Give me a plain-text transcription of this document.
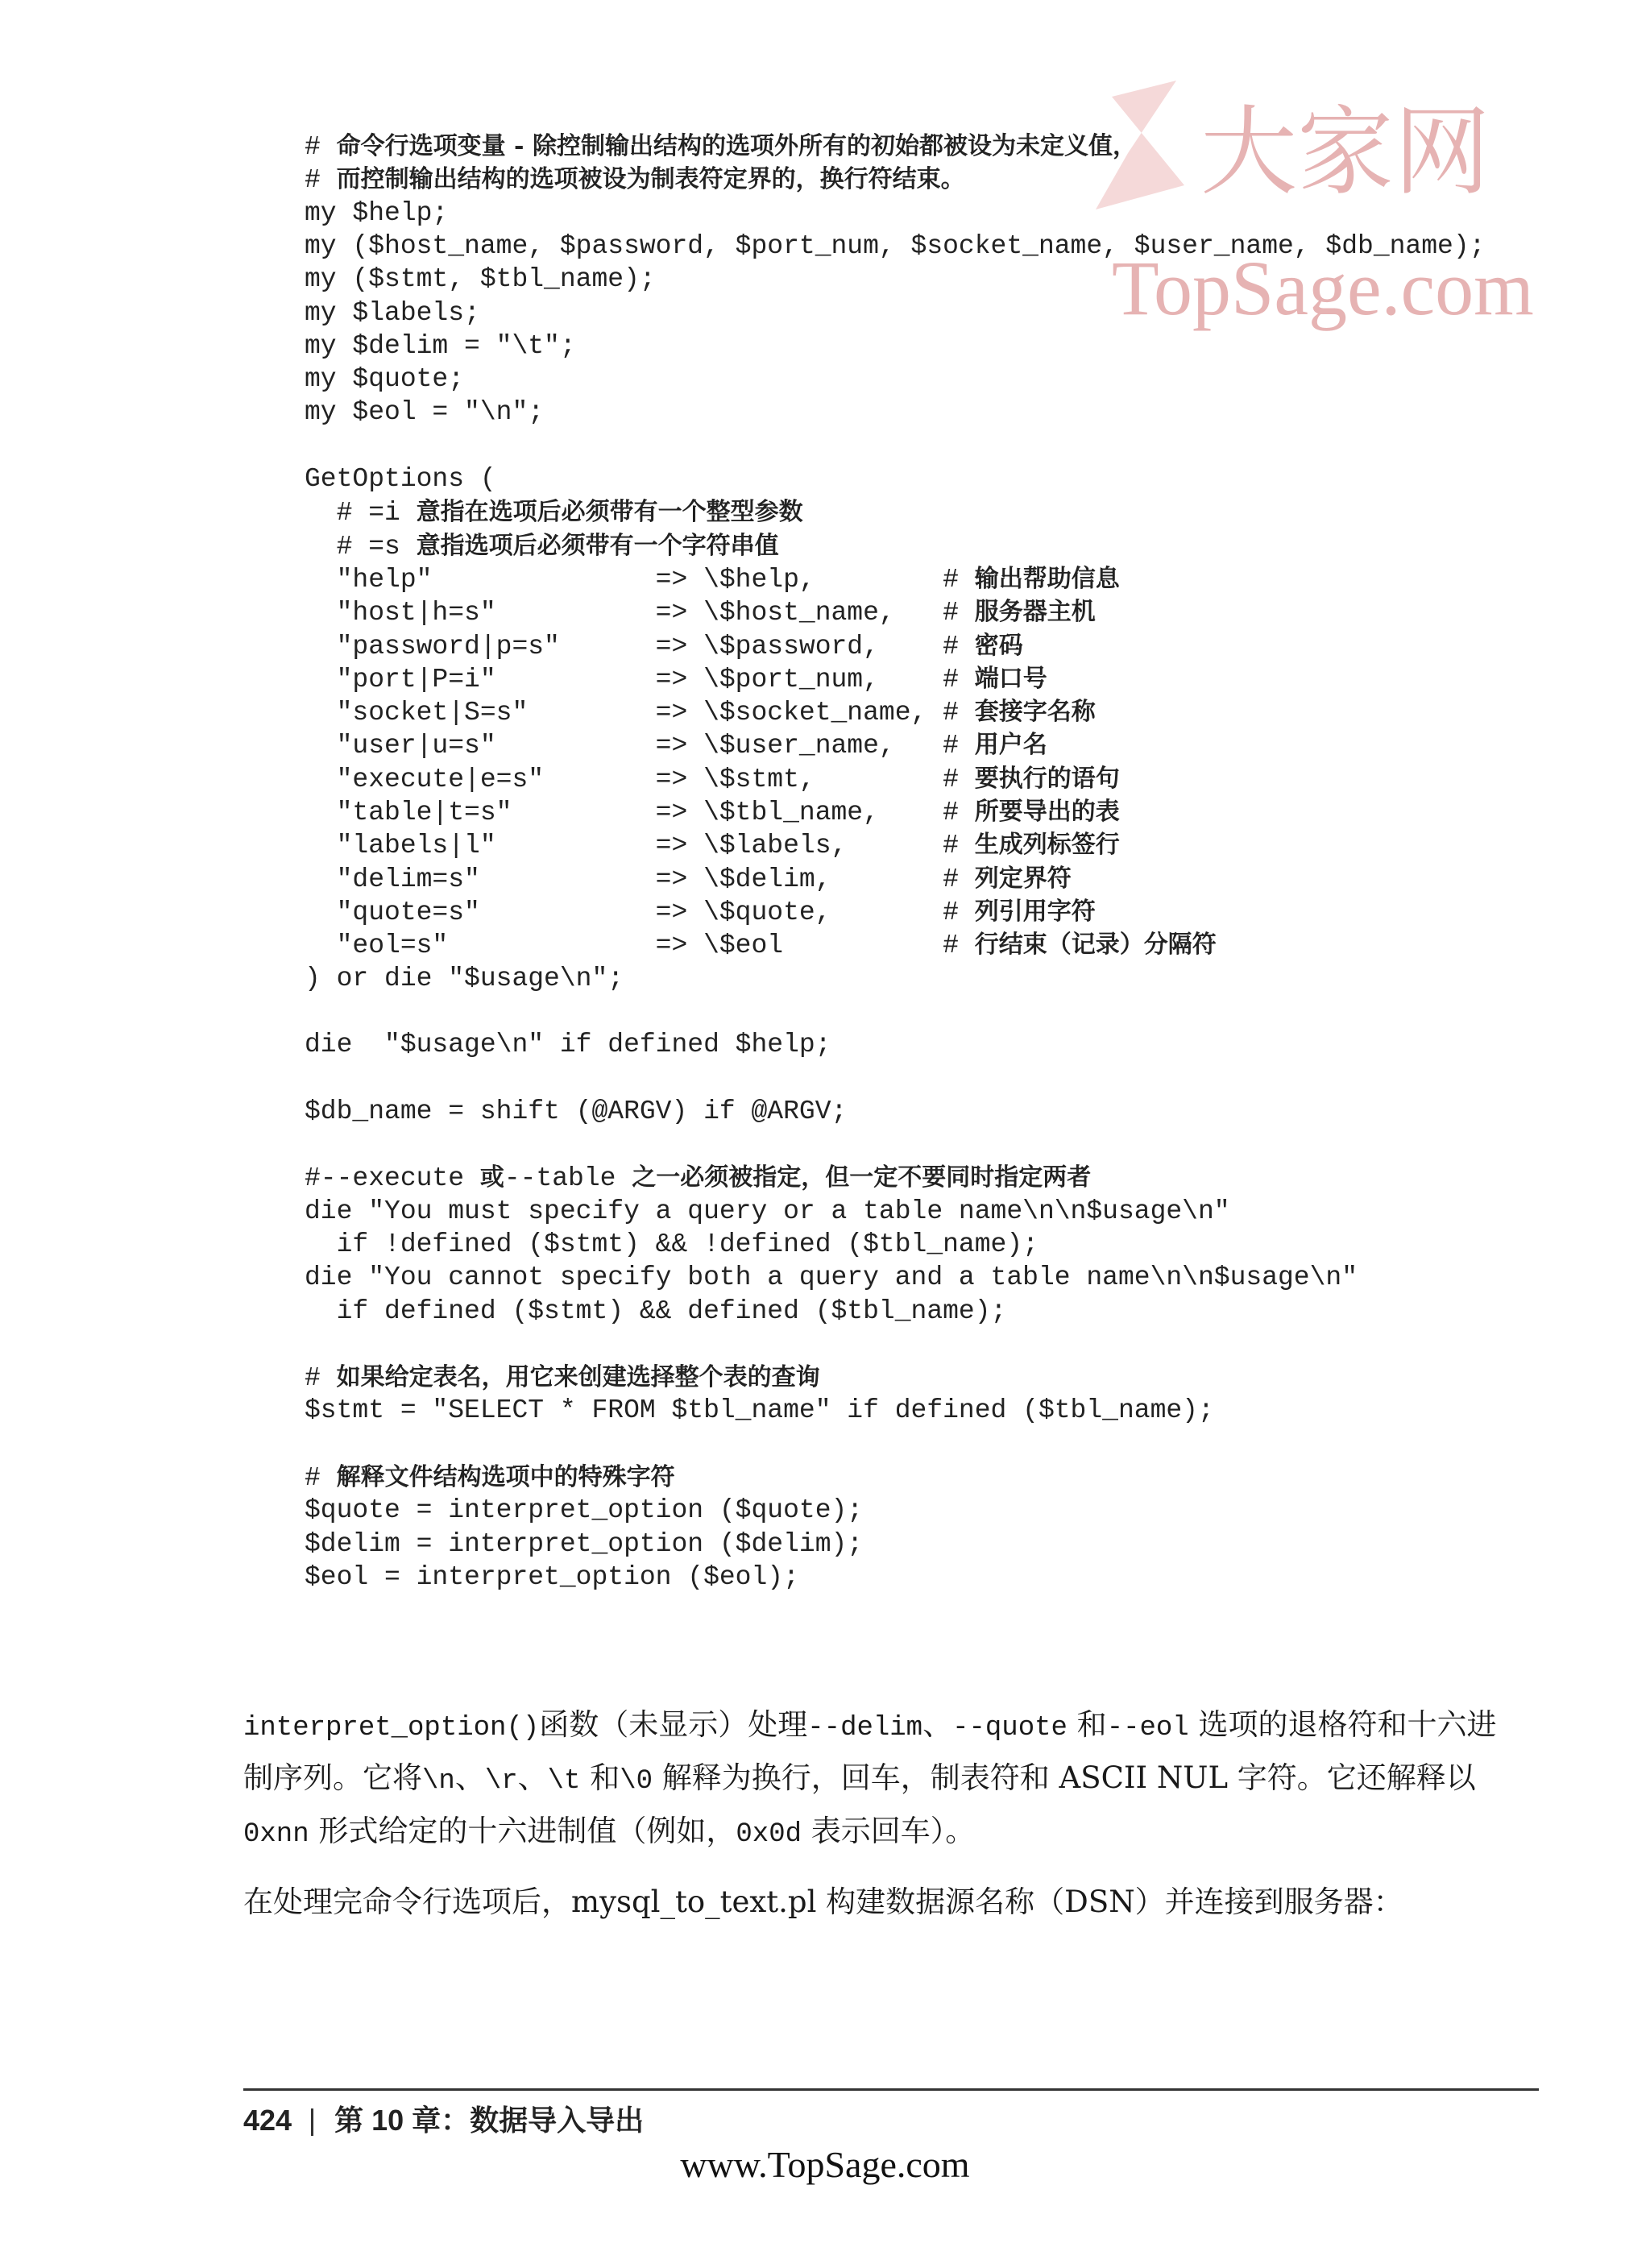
大家网
TopSage.com
# 命令行选项变量 - 除控制输出结构的选项外所有的初始都被设为未定义值，
# 而控制输出结构的选项被设为制表符定界的，换行符结束。
my $help;
my ($host_name, $password, $port_num, $socket_name, $user_name, $db_name);
my ($stmt, $tbl_name);
my $labels;
my $delim = "\t";
my $quote;
my $eol = "\n";
GetOptions (
# =i 意指在选项后必须带有一个整型参数
# =s 意指选项后必须带有一个字符串值
"help"              => \$help,        # 输出帮助信息
"host|h=s"          => \$host_name,   # 服务器主机
"password|p=s"      => \$password,    # 密码
"port|P=i"          => \$port_num,    # 端口号
"socket|S=s"        => \$socket_name, # 套接字名称
"user|u=s"          => \$user_name,   # 用户名
"execute|e=s"       => \$stmt,        # 要执行的语句
"table|t=s"         => \$tbl_name,    # 所要导出的表
"labels|l"          => \$labels,      # 生成列标签行
"delim=s"           => \$delim,       # 列定界符
"quote=s"           => \$quote,       # 列引用字符
"eol=s"             => \$eol          # 行结束（记录）分隔符
) or die "$usage\n";
die  "$usage\n" if defined $help;
$db_name = shift (@ARGV) if @ARGV;
#--execute 或--table 之一必须被指定，但一定不要同时指定两者
die "You must specify a query or a table name\n\n$usage\n"
if !defined ($stmt) && !defined ($tbl_name);
die "You cannot specify both a query and a table name\n\n$usage\n"
if defined ($stmt) && defined ($tbl_name);
# 如果给定表名，用它来创建选择整个表的查询
$stmt = "SELECT * FROM $tbl_name" if defined ($tbl_name);
# 解释文件结构选项中的特殊字符
$quote = interpret_option ($quote);
$delim = interpret_option ($delim);
$eol = interpret_option ($eol);

interpret_option()函数（未显示）处理--delim、--quote 和--eol 选项的退格符和十六进制序列。它将\n、\r、\t 和\0 解释为换行，回车，制表符和 ASCII NUL 字符。它还解释以 0xnn 形式给定的十六进制值（例如，0x0d 表示回车）。

在处理完命令行选项后，mysql_to_text.pl 构建数据源名称（DSN）并连接到服务器：

424 第 10 章：数据导入导出
www.TopSage.com
